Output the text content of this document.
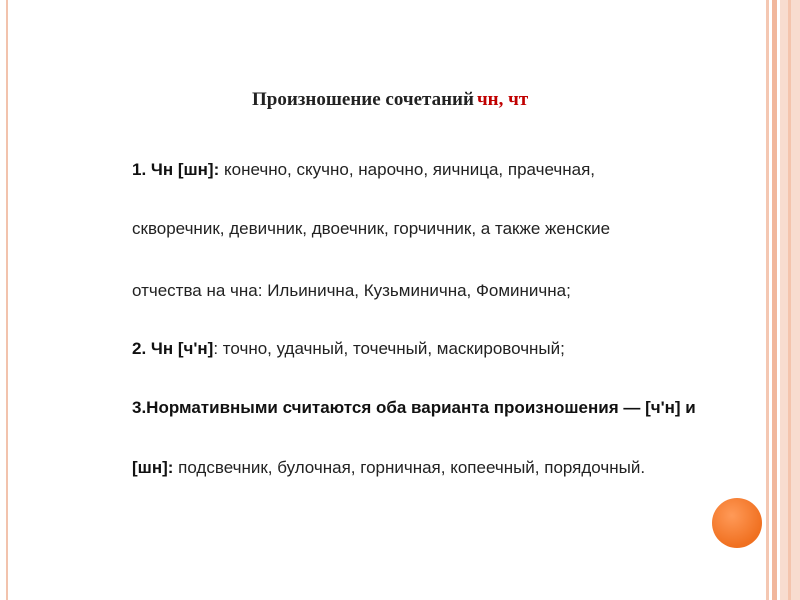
Произношение сочетаний чн, чт
1. Чн [шн]: конечно, скучно, нарочно, яичница, прачечная,
скворечник, девичник, двоечник, горчичник, а также женские
отчества на чна: Ильинична, Кузьминична, Фоминична;
2. Чн [ч'н]: точно, удачный, точечный, маскировочный;
3.Нормативными считаются оба варианта произношения — [ч'н] и
[шн]: подсвечник, булочная, горничная, копеечный, порядочный.
